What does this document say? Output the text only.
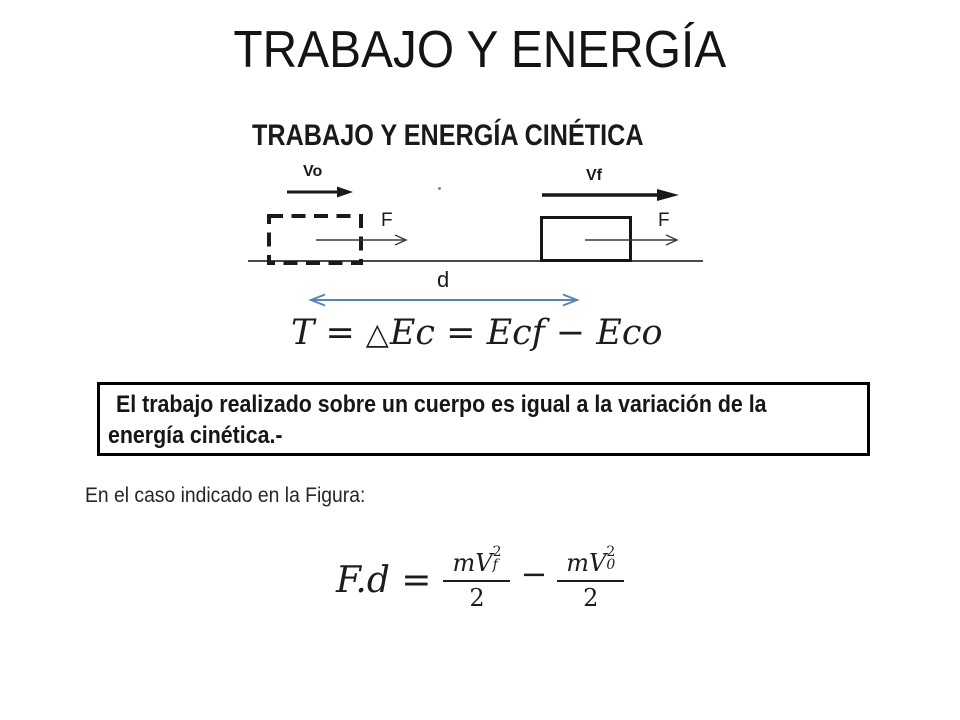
TRABAJO Y ENERGÍA
TRABAJO Y ENERGÍA CINÉTICA
Vo	Vf
F	F
d
T = △ Ec = Ecf − Eco
El trabajo realizado sobre un cuerpo es igual a la variación de la
energía cinética.-
En el caso indicado en la Figura:
F.d = mV 2
f
2 − mV 2
0
2
